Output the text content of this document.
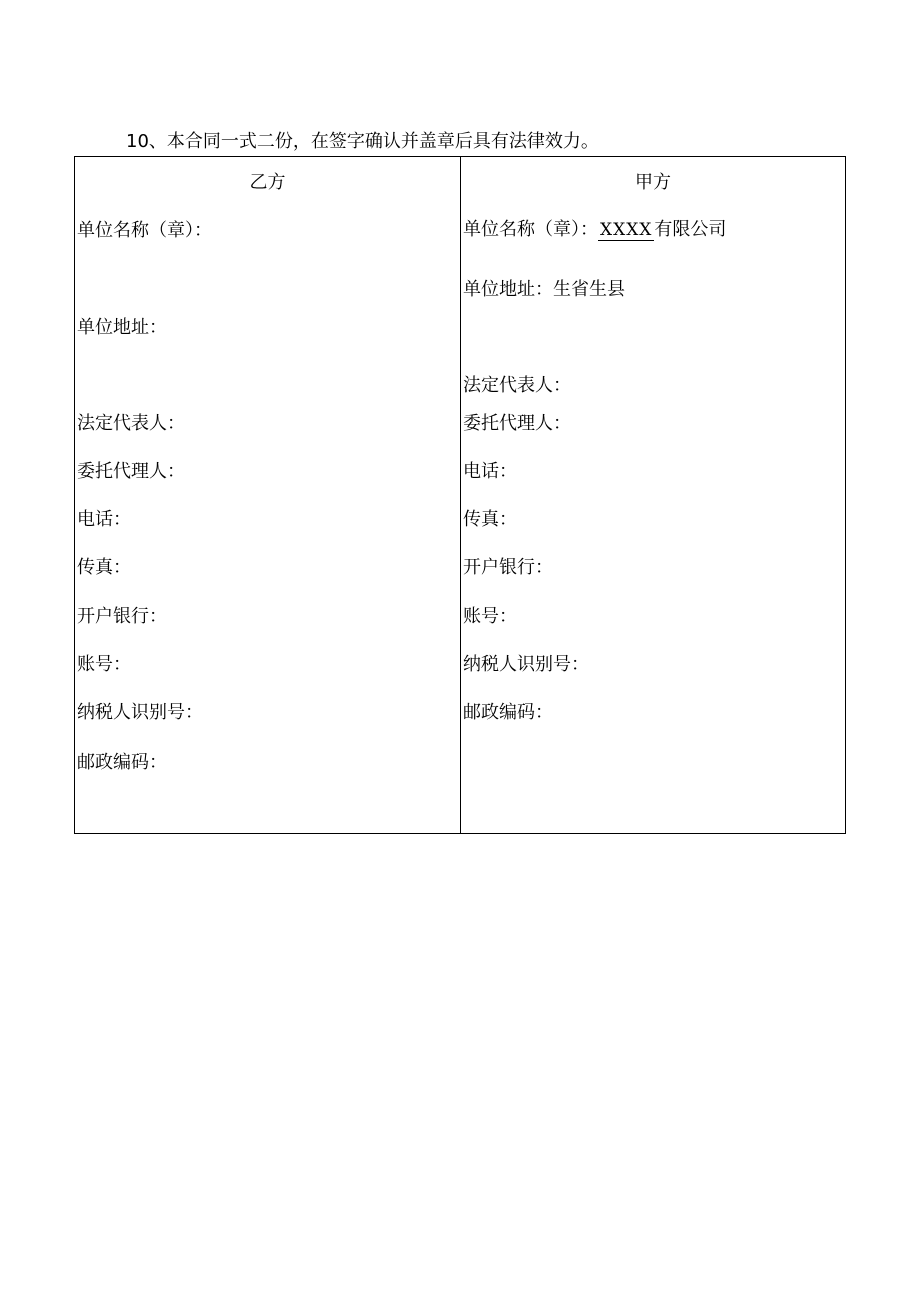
10、本合同一式二份，在签字确认并盖章后具有法律效力。
乙方
单位名称（章）：
单位地址：
法定代表人：
委托代理人：
电话：
传真：
开户银行：
账号：
纳税人识别号：
邮政编码：
甲方
单位名称（章）： XXXX 有限公司
单位地址：生省生县
法定代表人：
委托代理人：
电话：
传真：
开户银行：
账号：
纳税人识别号：
邮政编码：
